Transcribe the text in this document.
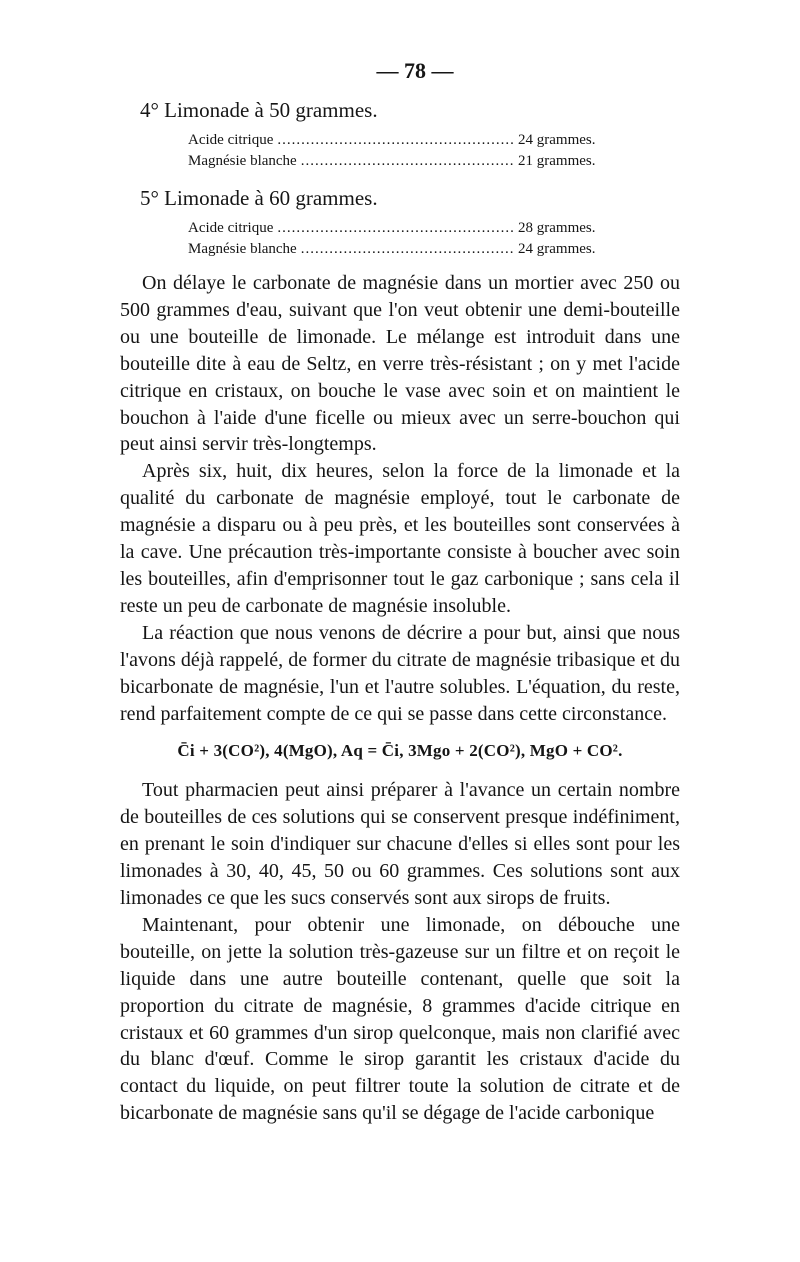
— 78 —
4° Limonade à 50 grammes.
Acide citrique .....	24 grammes.
Magnésie blanche .....	21 grammes.
5° Limonade à 60 grammes.
Acide citrique .....	28 grammes.
Magnésie blanche .....	24 grammes.

On délaye le carbonate de magnésie dans un mortier avec 250 ou 500 grammes d'eau, suivant que l'on veut obtenir une demi-bouteille ou une bouteille de limonade. Le mélange est introduit dans une bouteille dite à eau de Seltz, en verre très-résistant ; on y met l'acide citrique en cristaux, on bouche le vase avec soin et on maintient le bouchon à l'aide d'une ficelle ou mieux avec un serre-bouchon qui peut ainsi servir très-longtemps.

Après six, huit, dix heures, selon la force de la limonade et la qualité du carbonate de magnésie employé, tout le carbonate de magnésie a disparu ou à peu près, et les bouteilles sont conservées à la cave. Une précaution très-importante consiste à boucher avec soin les bouteilles, afin d'emprisonner tout le gaz carbonique ; sans cela il reste un peu de carbonate de magnésie insoluble.

La réaction que nous venons de décrire a pour but, ainsi que nous l'avons déjà rappelé, de former du citrate de magnésie tribasique et du bicarbonate de magnésie, l'un et l'autre solubles. L'équation, du reste, rend parfaitement compte de ce qui se passe dans cette circonstance.

C̄i + 3(CO²), 4(MgO), Aq = C̄i, 3Mgo + 2(CO²), MgO + CO².

Tout pharmacien peut ainsi préparer à l'avance un certain nombre de bouteilles de ces solutions qui se conservent presque indéfiniment, en prenant le soin d'indiquer sur chacune d'elles si elles sont pour les limonades à 30, 40, 45, 50 ou 60 grammes. Ces solutions sont aux limonades ce que les sucs conservés sont aux sirops de fruits.

Maintenant, pour obtenir une limonade, on débouche une bouteille, on jette la solution très-gazeuse sur un filtre et on reçoit le liquide dans une autre bouteille contenant, quelle que soit la proportion du citrate de magnésie, 8 grammes d'acide citrique en cristaux et 60 grammes d'un sirop quelconque, mais non clarifié avec du blanc d'œuf. Comme le sirop garantit les cristaux d'acide du contact du liquide, on peut filtrer toute la solution de citrate et de bicarbonate de magnésie sans qu'il se dégage de l'acide carbonique
